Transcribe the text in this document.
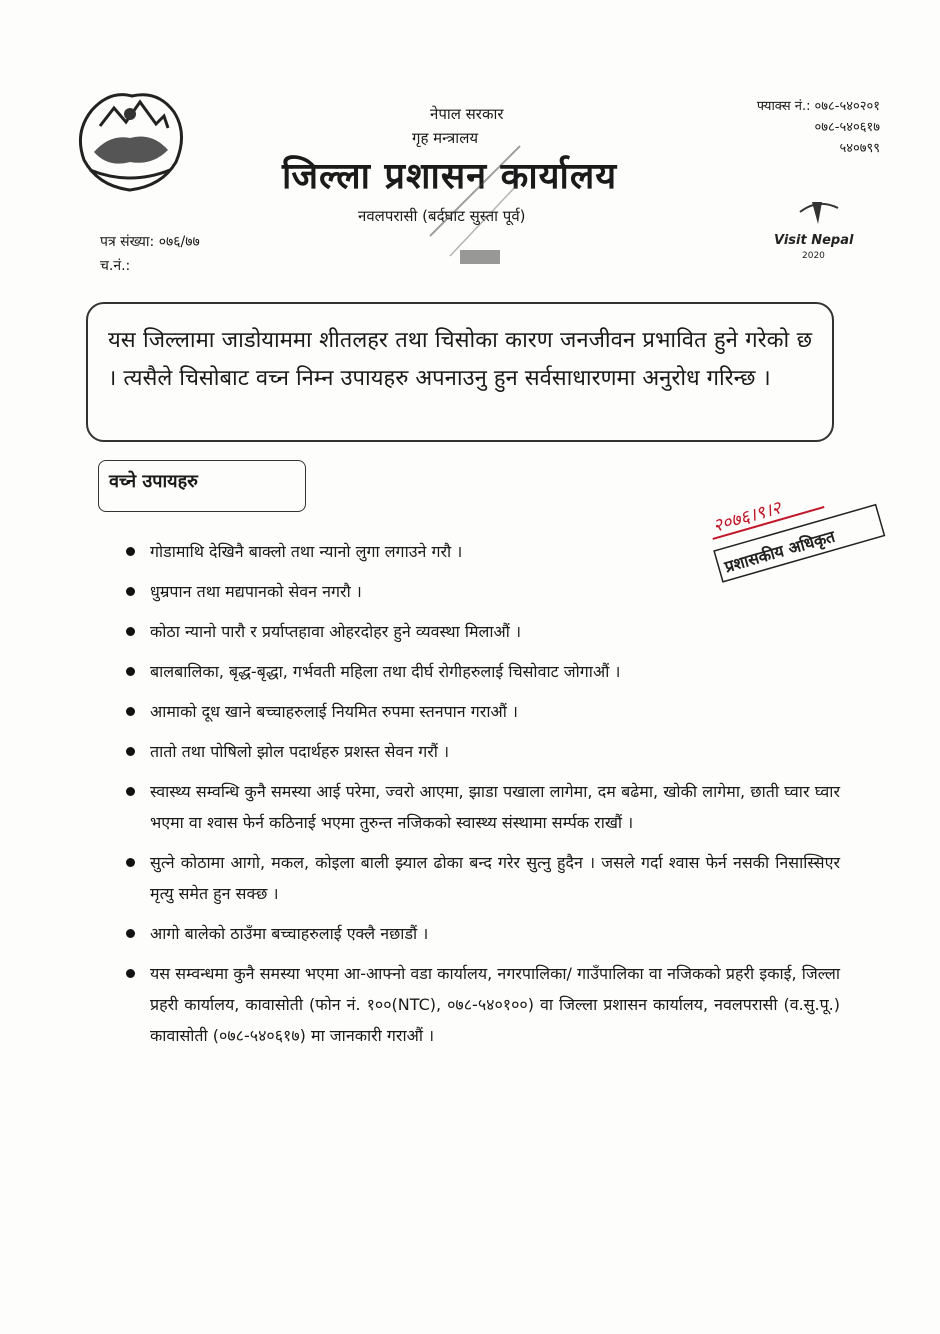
नेपाल सरकार
गृह मन्त्रालय
जिल्ला प्रशासन कार्यालय
नवलपरासी (बर्दघाट सुस्ता पूर्व)
फ्याक्स नं.: ०७८-५४०२०१
०७८-५४०६१७
५४०७९९
पत्र संख्या: ०७६/७७
च.नं.:
Visit Nepal
2020
यस जिल्लामा जाडोयाममा शीतलहर तथा चिसोका कारण जनजीवन प्रभावित हुने गरेको छ । त्यसैले चिसोबाट वच्न निम्न उपायहरु अपनाउनु हुन सर्वसाधारणमा अनुरोध गरिन्छ ।
वच्ने उपायहरु
२०७६।९।२
प्रशासकीय अधिकृत
गोडामाथि देखिनै बाक्लो तथा न्यानो लुगा लगाउने गरौ ।
धुम्रपान तथा मद्यपानको सेवन नगरौ ।
कोठा न्यानो पारौ र प्रर्याप्तहावा ओहरदोहर हुने व्यवस्था मिलाऔं ।
बालबालिका, बृद्ध-बृद्धा, गर्भवती महिला तथा दीर्घ रोगीहरुलाई चिसोवाट जोगाऔं ।
आमाको दूध खाने बच्चाहरुलाई नियमित रुपमा स्तनपान गराऔं ।
तातो तथा पोषिलो झोल पदार्थहरु प्रशस्त सेवन गरौं ।
स्वास्थ्य सम्वन्धि कुनै समस्या आई परेमा, ज्वरो आएमा, झाडा पखाला लागेमा, दम बढेमा, खोकी लागेमा, छाती घ्वार घ्वार भएमा वा श्वास फेर्न कठिनाई भएमा तुरुन्त नजिकको स्वास्थ्य संस्थामा सर्म्पक राखौं ।
सुत्ने कोठामा आगो, मकल, कोइला बाली झ्याल ढोका बन्द गरेर सुत्नु हुदैन । जसले गर्दा श्वास फेर्न नसकी निसास्सिएर मृत्यु समेत हुन सक्छ ।
आगो बालेको ठाउँमा बच्चाहरुलाई एक्लै नछाडौं ।
यस सम्वन्धमा कुनै समस्या भएमा आ-आफ्नो वडा कार्यालय, नगरपालिका/ गाउँपालिका वा नजिकको प्रहरी इकाई, जिल्ला प्रहरी कार्यालय, कावासोती (फोन नं. १००(NTC), ०७८-५४०१००) वा जिल्ला प्रशासन कार्यालय, नवलपरासी (व.सु.पू.) कावासोती (०७८-५४०६१७) मा जानकारी गराऔं ।
